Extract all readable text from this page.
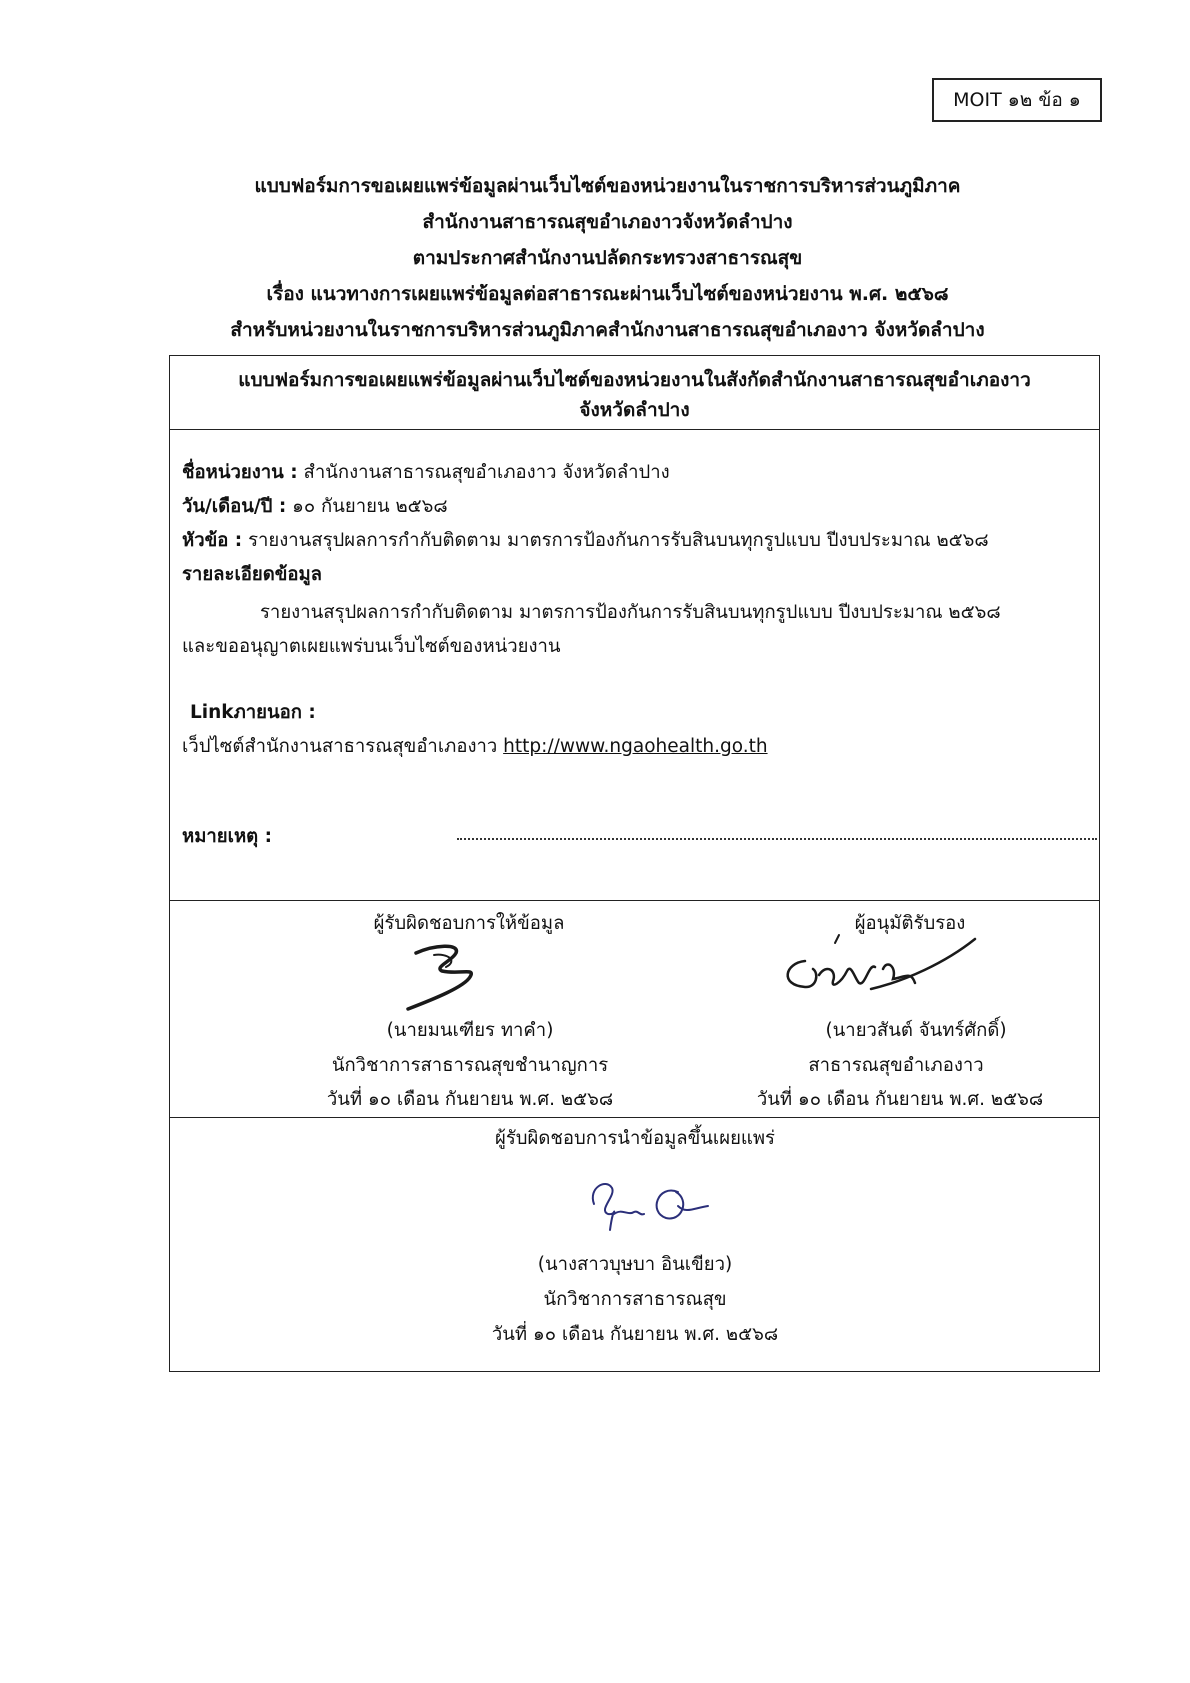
MOIT ๑๒ ข้อ ๑
แบบฟอร์มการขอเผยแพร่ข้อมูลผ่านเว็บไซต์ของหน่วยงานในราชการบริหารส่วนภูมิภาค
สำนักงานสาธารณสุขอำเภองาวจังหวัดลำปาง
ตามประกาศสำนักงานปลัดกระทรวงสาธารณสุข
เรื่อง แนวทางการเผยแพร่ข้อมูลต่อสาธารณะผ่านเว็บไซต์ของหน่วยงาน พ.ศ. ๒๕๖๘
สำหรับหน่วยงานในราชการบริหารส่วนภูมิภาคสำนักงานสาธารณสุขอำเภองาว จังหวัดลำปาง
แบบฟอร์มการขอเผยแพร่ข้อมูลผ่านเว็บไซต์ของหน่วยงานในสังกัดสำนักงานสาธารณสุขอำเภองาว
จังหวัดลำปาง
ชื่อหน่วยงาน : สำนักงานสาธารณสุขอำเภองาว จังหวัดลำปาง
วัน/เดือน/ปี : ๑๐ กันยายน ๒๕๖๘
หัวข้อ : รายงานสรุปผลการกำกับติดตาม มาตรการป้องกันการรับสินบนทุกรูปแบบ ปีงบประมาณ ๒๕๖๘
รายละเอียดข้อมูล
รายงานสรุปผลการกำกับติดตาม มาตรการป้องกันการรับสินบนทุกรูปแบบ ปีงบประมาณ ๒๕๖๘
และขออนุญาตเผยแพร่บนเว็บไซต์ของหน่วยงาน
Linkภายนอก :
เว็ปไซต์สำนักงานสาธารณสุขอำเภองาว http://www.ngaohealth.go.th
หมายเหตุ :
ผู้รับผิดชอบการให้ข้อมูล
(นายมนเฑียร ทาคำ)
นักวิชาการสาธารณสุขชำนาญการ
วันที่ ๑๐ เดือน กันยายน พ.ศ. ๒๕๖๘
ผู้อนุมัติรับรอง
(นายวสันต์ จันทร์ศักดิ์)
สาธารณสุขอำเภองาว
วันที่ ๑๐ เดือน กันยายน พ.ศ. ๒๕๖๘
ผู้รับผิดชอบการนำข้อมูลขึ้นเผยแพร่
(นางสาวบุษบา อินเขียว)
นักวิชาการสาธารณสุข
วันที่ ๑๐ เดือน กันยายน พ.ศ. ๒๕๖๘
